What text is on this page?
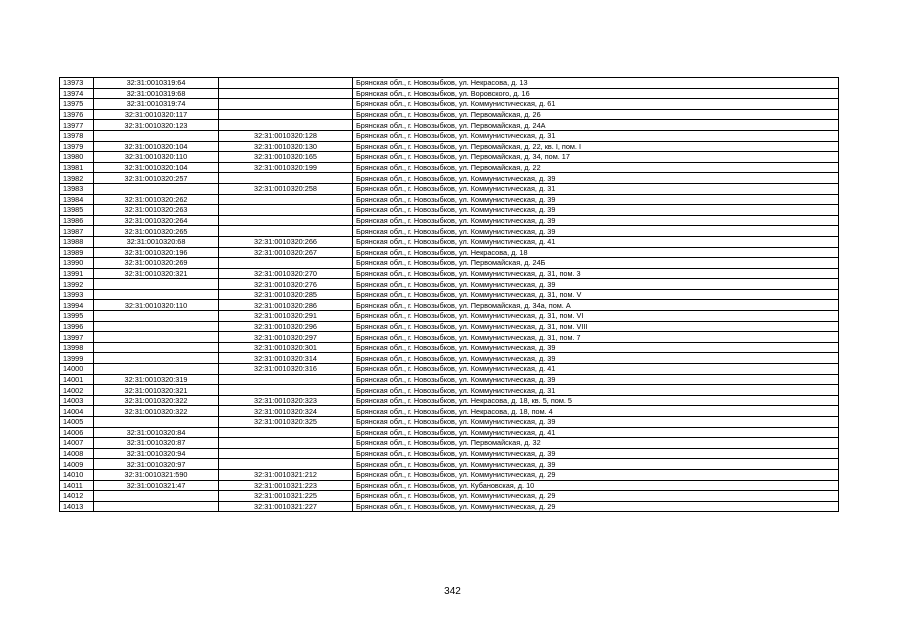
13973	32:31:0010319:64		Брянская обл., г. Новозыбков, ул. Некрасова, д. 13
13974	32:31:0010319:68		Брянская обл., г. Новозыбков, ул. Воровского, д. 16
13975	32:31:0010319:74		Брянская обл., г. Новозыбков, ул. Коммунистическая, д. 61
13976	32:31:0010320:117		Брянская обл., г. Новозыбков, ул. Первомайская, д. 26
13977	32:31:0010320:123		Брянская обл., г. Новозыбков, ул. Первомайская, д. 24А
13978		32:31:0010320:128	Брянская обл., г. Новозыбков, ул. Коммунистическая, д. 31
13979	32:31:0010320:104	32:31:0010320:130	Брянская обл., г. Новозыбков, ул. Первомайская, д. 22, кв. I, пом. I
13980	32:31:0010320:110	32:31:0010320:165	Брянская обл., г. Новозыбков, ул. Первомайская, д. 34, пом. 17
13981	32:31:0010320:104	32:31:0010320:199	Брянская обл., г. Новозыбков, ул. Первомайская, д. 22
13982	32:31:0010320:257		Брянская обл., г. Новозыбков, ул. Коммунистическая, д. 39
13983		32:31:0010320:258	Брянская обл., г. Новозыбков, ул. Коммунистическая, д. 31
13984	32:31:0010320:262		Брянская обл., г. Новозыбков, ул. Коммунистическая, д. 39
13985	32:31:0010320:263		Брянская обл., г. Новозыбков, ул. Коммунистическая, д. 39
13986	32:31:0010320:264		Брянская обл., г. Новозыбков, ул. Коммунистическая, д. 39
13987	32:31:0010320:265		Брянская обл., г. Новозыбков, ул. Коммунистическая, д. 39
13988	32:31:0010320:68	32:31:0010320:266	Брянская обл., г. Новозыбков, ул. Коммунистическая, д. 41
13989	32:31:0010320:196	32:31:0010320:267	Брянская обл., г. Новозыбков, ул. Некрасова, д. 18
13990	32:31:0010320:269		Брянская обл., г. Новозыбков, ул. Первомайская, д. 24Б
13991	32:31:0010320:321	32:31:0010320:270	Брянская обл., г. Новозыбков, ул. Коммунистическая, д. 31, пом. 3
13992		32:31:0010320:276	Брянская обл., г. Новозыбков, ул. Коммунистическая, д. 39
13993		32:31:0010320:285	Брянская обл., г. Новозыбков, ул. Коммунистическая, д. 31, пом. V
13994	32:31:0010320:110	32:31:0010320:286	Брянская обл., г. Новозыбков, ул. Первомайская, д. 34а, пом. А
13995		32:31:0010320:291	Брянская обл., г. Новозыбков, ул. Коммунистическая, д. 31, пом. VI
13996		32:31:0010320:296	Брянская обл., г. Новозыбков, ул. Коммунистическая, д. 31, пом. VIII
13997		32:31:0010320:297	Брянская обл., г. Новозыбков, ул. Коммунистическая, д. 31, пом. 7
13998		32:31:0010320:301	Брянская обл., г. Новозыбков, ул. Коммунистическая, д. 39
13999		32:31:0010320:314	Брянская обл., г. Новозыбков, ул. Коммунистическая, д. 39
14000		32:31:0010320:316	Брянская обл., г. Новозыбков, ул. Коммунистическая, д. 41
14001	32:31:0010320:319		Брянская обл., г. Новозыбков, ул. Коммунистическая, д. 39
14002	32:31:0010320:321		Брянская обл., г. Новозыбков, ул. Коммунистическая, д. 31
14003	32:31:0010320:322	32:31:0010320:323	Брянская обл., г. Новозыбков, ул. Некрасова, д. 18, кв. 5, пом. 5
14004	32:31:0010320:322	32:31:0010320:324	Брянская обл., г. Новозыбков, ул. Некрасова, д. 18, пом. 4
14005		32:31:0010320:325	Брянская обл., г. Новозыбков, ул. Коммунистическая, д. 39
14006	32:31:0010320:84		Брянская обл., г. Новозыбков, ул. Коммунистическая, д. 41
14007	32:31:0010320:87		Брянская обл., г. Новозыбков, ул. Первомайская, д. 32
14008	32:31:0010320:94		Брянская обл., г. Новозыбков, ул. Коммунистическая, д. 39
14009	32:31:0010320:97		Брянская обл., г. Новозыбков, ул. Коммунистическая, д. 39
14010	32:31:0010321:590	32:31:0010321:212	Брянская обл., г. Новозыбков, ул. Коммунистическая, д. 29
14011	32:31:0010321:47	32:31:0010321:223	Брянская обл., г. Новозыбков, ул. Кубановская, д. 10
14012		32:31:0010321:225	Брянская обл., г. Новозыбков, ул. Коммунистическая, д. 29
14013		32:31:0010321:227	Брянская обл., г. Новозыбков, ул. Коммунистическая, д. 29
342
